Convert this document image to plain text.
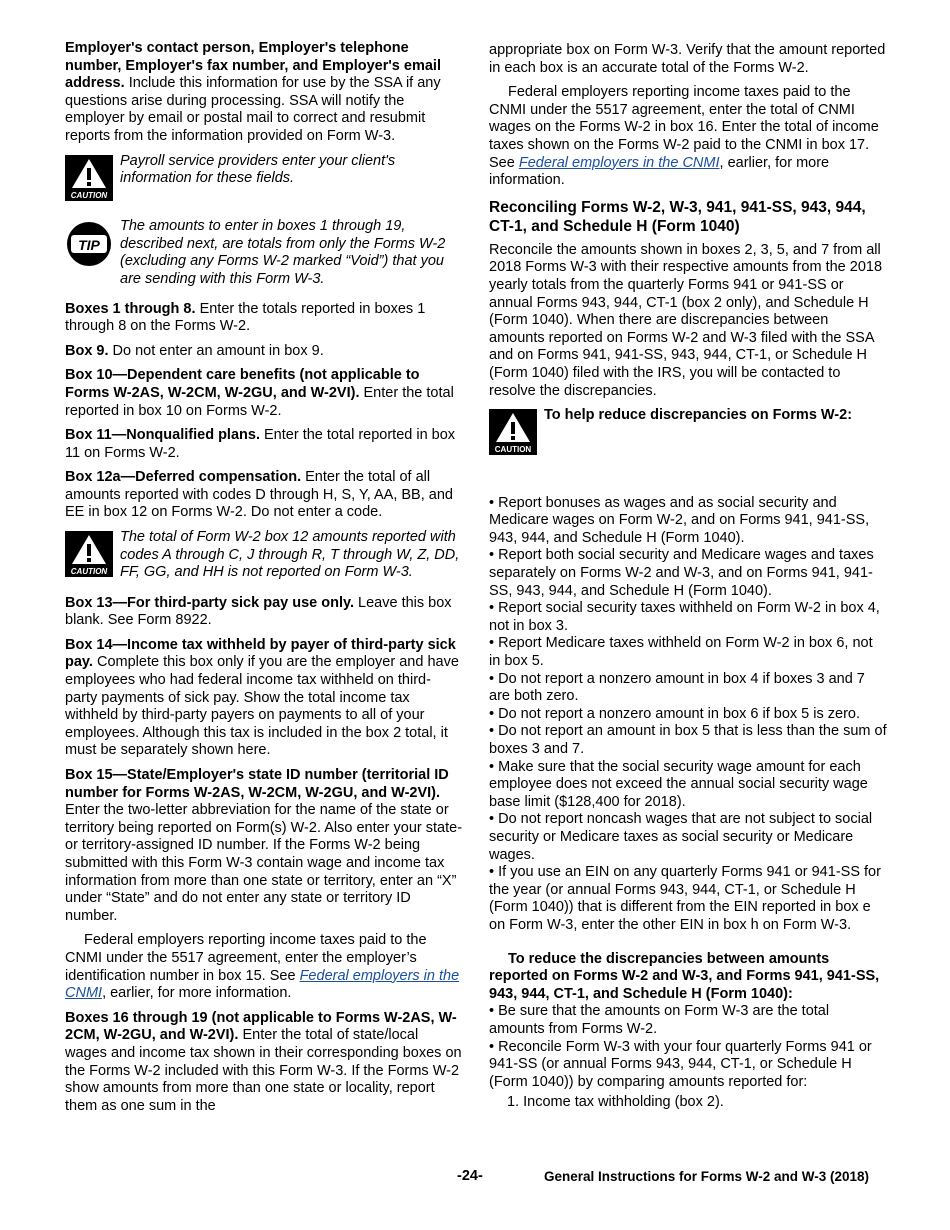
Employer's contact person, Employer's telephone number, Employer's fax number, and Employer's email address. Include this information for use by the SSA if any questions arise during processing. SSA will notify the employer by email or postal mail to correct and resubmit reports from the information provided on Form W-3.

CAUTION
Payroll service providers enter your client's information for these fields.
TIP
The amounts to enter in boxes 1 through 19, described next, are totals from only the Forms W-2 (excluding any Forms W-2 marked “Void”) that you are sending with this Form W-3.

Boxes 1 through 8. Enter the totals reported in boxes 1 through 8 on the Forms W-2.

Box 9. Do not enter an amount in box 9.

Box 10—Dependent care benefits (not applicable to Forms W-2AS, W-2CM, W-2GU, and W-2VI). Enter the total reported in box 10 on Forms W-2.

Box 11—Nonqualified plans. Enter the total reported in box 11 on Forms W-2.

Box 12a—Deferred compensation. Enter the total of all amounts reported with codes D through H, S, Y, AA, BB, and EE in box 12 on Forms W-2. Do not enter a code.

CAUTION
The total of Form W-2 box 12 amounts reported with codes A through C, J through R, T through W, Z, DD, FF, GG, and HH is not reported on Form W-3.

Box 13—For third-party sick pay use only. Leave this box blank. See Form 8922.

Box 14—Income tax withheld by payer of third-party sick pay. Complete this box only if you are the employer and have employees who had federal income tax withheld on third-party payments of sick pay. Show the total income tax withheld by third-party payers on payments to all of your employees. Although this tax is included in the box 2 total, it must be separately shown here.

Box 15—State/Employer's state ID number (territorial ID number for Forms W-2AS, W-2CM, W-2GU, and W-2VI). Enter the two-letter abbreviation for the name of the state or territory being reported on Form(s) W-2. Also enter your state- or territory-assigned ID number. If the Forms W-2 being submitted with this Form W-3 contain wage and income tax information from more than one state or territory, enter an “X” under “State” and do not enter any state or territory ID number.

Federal employers reporting income taxes paid to the CNMI under the 5517 agreement, enter the employer’s identification number in box 15. See Federal employers in the CNMI, earlier, for more information.

Boxes 16 through 19 (not applicable to Forms W-2AS, W-2CM, W-2GU, and W-2VI). Enter the total of state/local wages and income tax shown in their corresponding boxes on the Forms W-2 included with this Form W-3. If the Forms W-2 show amounts from more than one state or locality, report them as one sum in the

appropriate box on Form W-3. Verify that the amount reported in each box is an accurate total of the Forms W-2.

Federal employers reporting income taxes paid to the CNMI under the 5517 agreement, enter the total of CNMI wages on the Forms W-2 in box 16. Enter the total of income taxes shown on the Forms W-2 paid to the CNMI in box 17. See Federal employers in the CNMI, earlier, for more information.

Reconciling Forms W-2, W-3, 941, 941-SS, 943, 944, CT-1, and Schedule H (Form 1040)

Reconcile the amounts shown in boxes 2, 3, 5, and 7 from all 2018 Forms W-3 with their respective amounts from the 2018 yearly totals from the quarterly Forms 941 or 941-SS or annual Forms 943, 944, CT-1 (box 2 only), and Schedule H (Form 1040). When there are discrepancies between amounts reported on Forms W-2 and W-3 filed with the SSA and on Forms 941, 941-SS, 943, 944, CT-1, or Schedule H (Form 1040) filed with the IRS, you will be contacted to resolve the discrepancies.

CAUTION
To help reduce discrepancies on Forms W-2:

• Report bonuses as wages and as social security and Medicare wages on Form W-2, and on Forms 941, 941-SS, 943, 944, and Schedule H (Form 1040).

• Report both social security and Medicare wages and taxes separately on Forms W-2 and W-3, and on Forms 941, 941-SS, 943, 944, and Schedule H (Form 1040).

• Report social security taxes withheld on Form W-2 in box 4, not in box 3.

• Report Medicare taxes withheld on Form W-2 in box 6, not in box 5.

• Do not report a nonzero amount in box 4 if boxes 3 and 7 are both zero.

• Do not report a nonzero amount in box 6 if box 5 is zero.

• Do not report an amount in box 5 that is less than the sum of boxes 3 and 7.

• Make sure that the social security wage amount for each employee does not exceed the annual social security wage base limit ($128,400 for 2018).

• Do not report noncash wages that are not subject to social security or Medicare taxes as social security or Medicare wages.

• If you use an EIN on any quarterly Forms 941 or 941-SS for the year (or annual Forms 943, 944, CT-1, or Schedule H (Form 1040)) that is different from the EIN reported in box e on Form W-3, enter the other EIN in box h on Form W-3.

To reduce the discrepancies between amounts reported on Forms W-2 and W-3, and Forms 941, 941-SS, 943, 944, CT-1, and Schedule H (Form 1040):

• Be sure that the amounts on Form W-3 are the total amounts from Forms W-2.

• Reconcile Form W-3 with your four quarterly Forms 941 or 941-SS (or annual Forms 943, 944, CT-1, or Schedule H (Form 1040)) by comparing amounts reported for:

1. Income tax withholding (box 2).

-24-	General Instructions for Forms W-2 and W-3 (2018)
